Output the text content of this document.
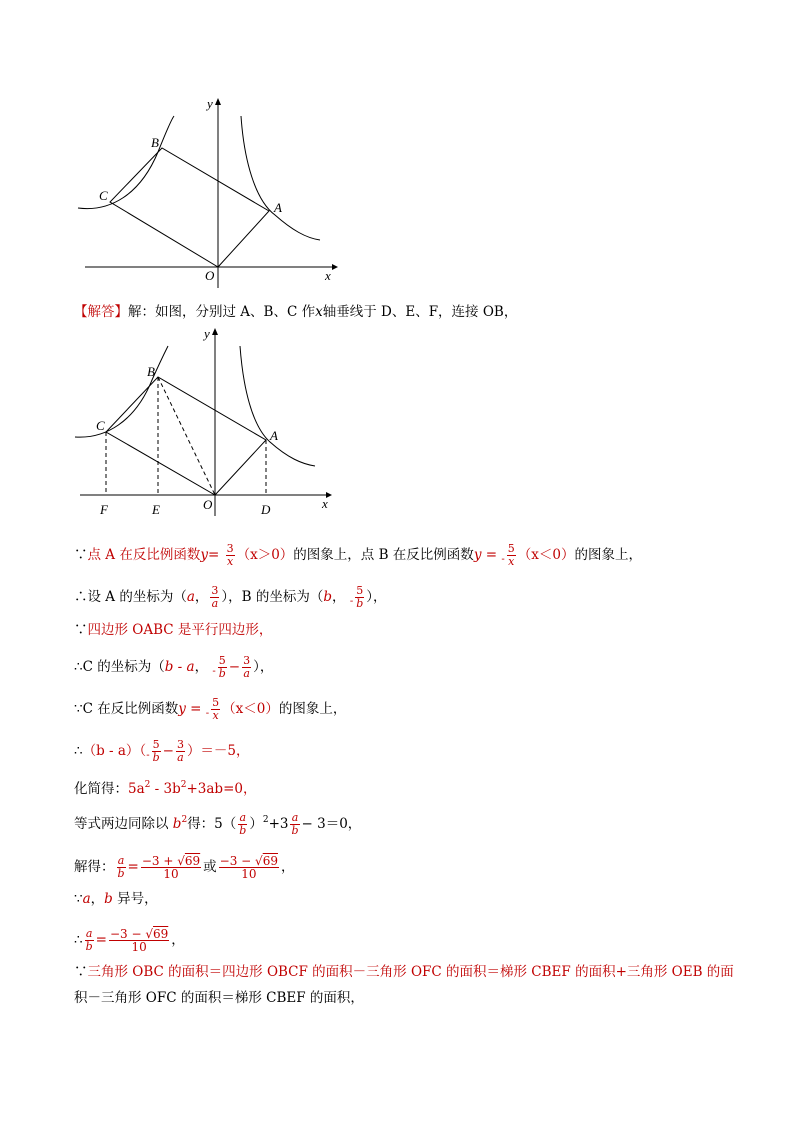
y
x
O
A
B
C
【解答】解：如图，分别过 A、B、C 作x轴垂线于 D、E、F，连接 OB，
y
x
O
A
B
C
D
E
F
∵点 A 在反比例函数$y= \frac{3}{x} (x>0)$的图象上，点 B 在反比例函数$y = _- \frac{5}{x} (x<0)$的图象上，
∴设 A 的坐标为（a， $\frac{3}{a}$ ），B 的坐标为（b， $_- \frac{5}{b}$ ），
∵四边形 OABC 是平行四边形，
∴C 的坐标为（b - a， $_- \frac{5}{b} - \frac{3}{a}$ ），
∵C 在反比例函数$y = _- \frac{5}{x} (x<0)$的图象上，
∴（b - $a)(_- \frac{5}{b} - \frac{3}{a} )=-5$，
化简得：$5a^2 - 3b^2+3ab=0$，
等式两边同除以 $b^2$得：$5( \frac{a}{b} )^2+3 \frac{a}{b} - 3=0$，
解得： $\frac{a}{b} = \frac{-3 + √69}{10}$ 或 $\frac{-3 - √69}{10}$ ，
∵a，b 异号，
∴ $\frac{a}{b} = \frac{-3 - √69}{10}$ ，
∵三角形 OBC 的面积＝四边形 OBCF 的面积－三角形 OFC 的面积＝梯形 CBEF 的面积+三角形 OEB 的面
积－三角形 OFC 的面积＝梯形 CBEF 的面积，
